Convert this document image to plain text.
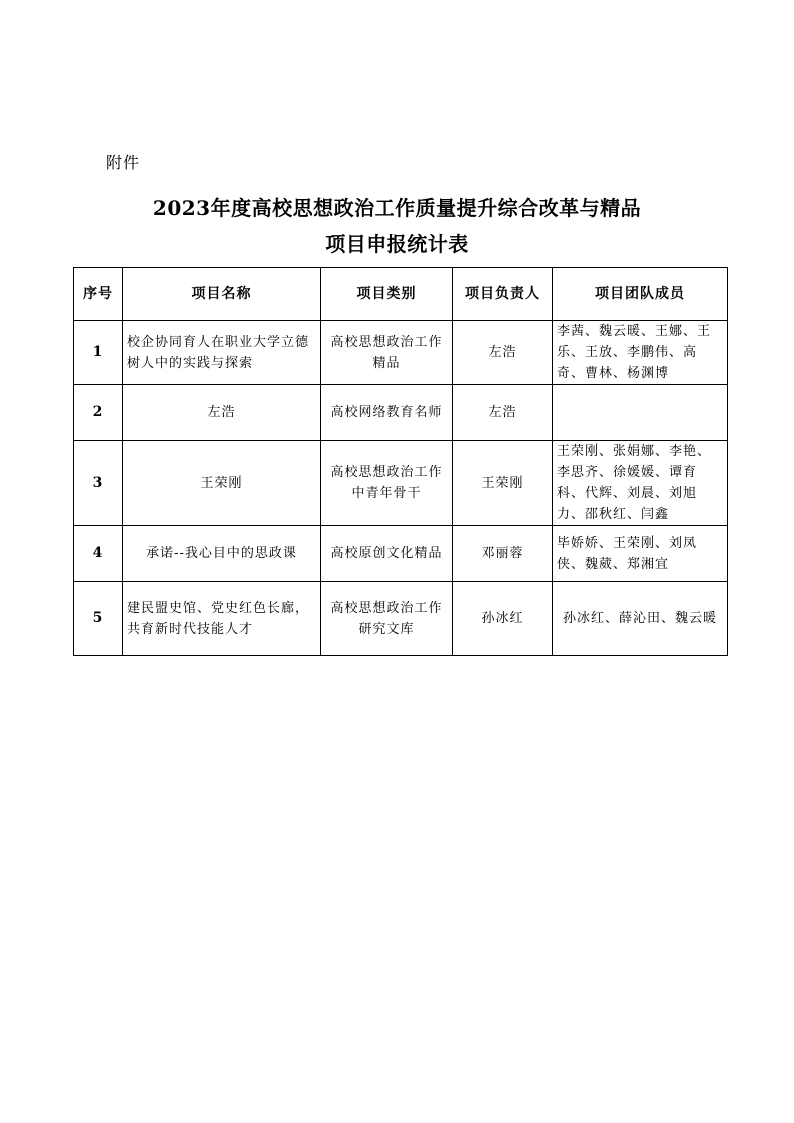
附件
2023年度高校思想政治工作质量提升综合改革与精品
项目申报统计表
序号	项目名称	项目类别	项目负责人	项目团队成员
1	校企协同育人在职业大学立德树人中的实践与探索	高校思想政治工作精品	左浩	李茜、魏云暖、王娜、王乐、王放、李鹏伟、高奇、曹林、杨渊博
2	左浩	高校网络教育名师	左浩	
3	王荣刚	高校思想政治工作中青年骨干	王荣刚	王荣刚、张娟娜、李艳、李思齐、徐媛媛、谭育科、代辉、刘晨、刘旭力、邵秋红、闫鑫
4	承诺--我心目中的思政课	高校原创文化精品	邓丽蓉	毕娇娇、王荣刚、刘凤侠、魏葳、郑湘宜
5	建民盟史馆、党史红色长廊，共育新时代技能人才	高校思想政治工作研究文库	孙冰红	孙冰红、薛沁田、魏云暖
